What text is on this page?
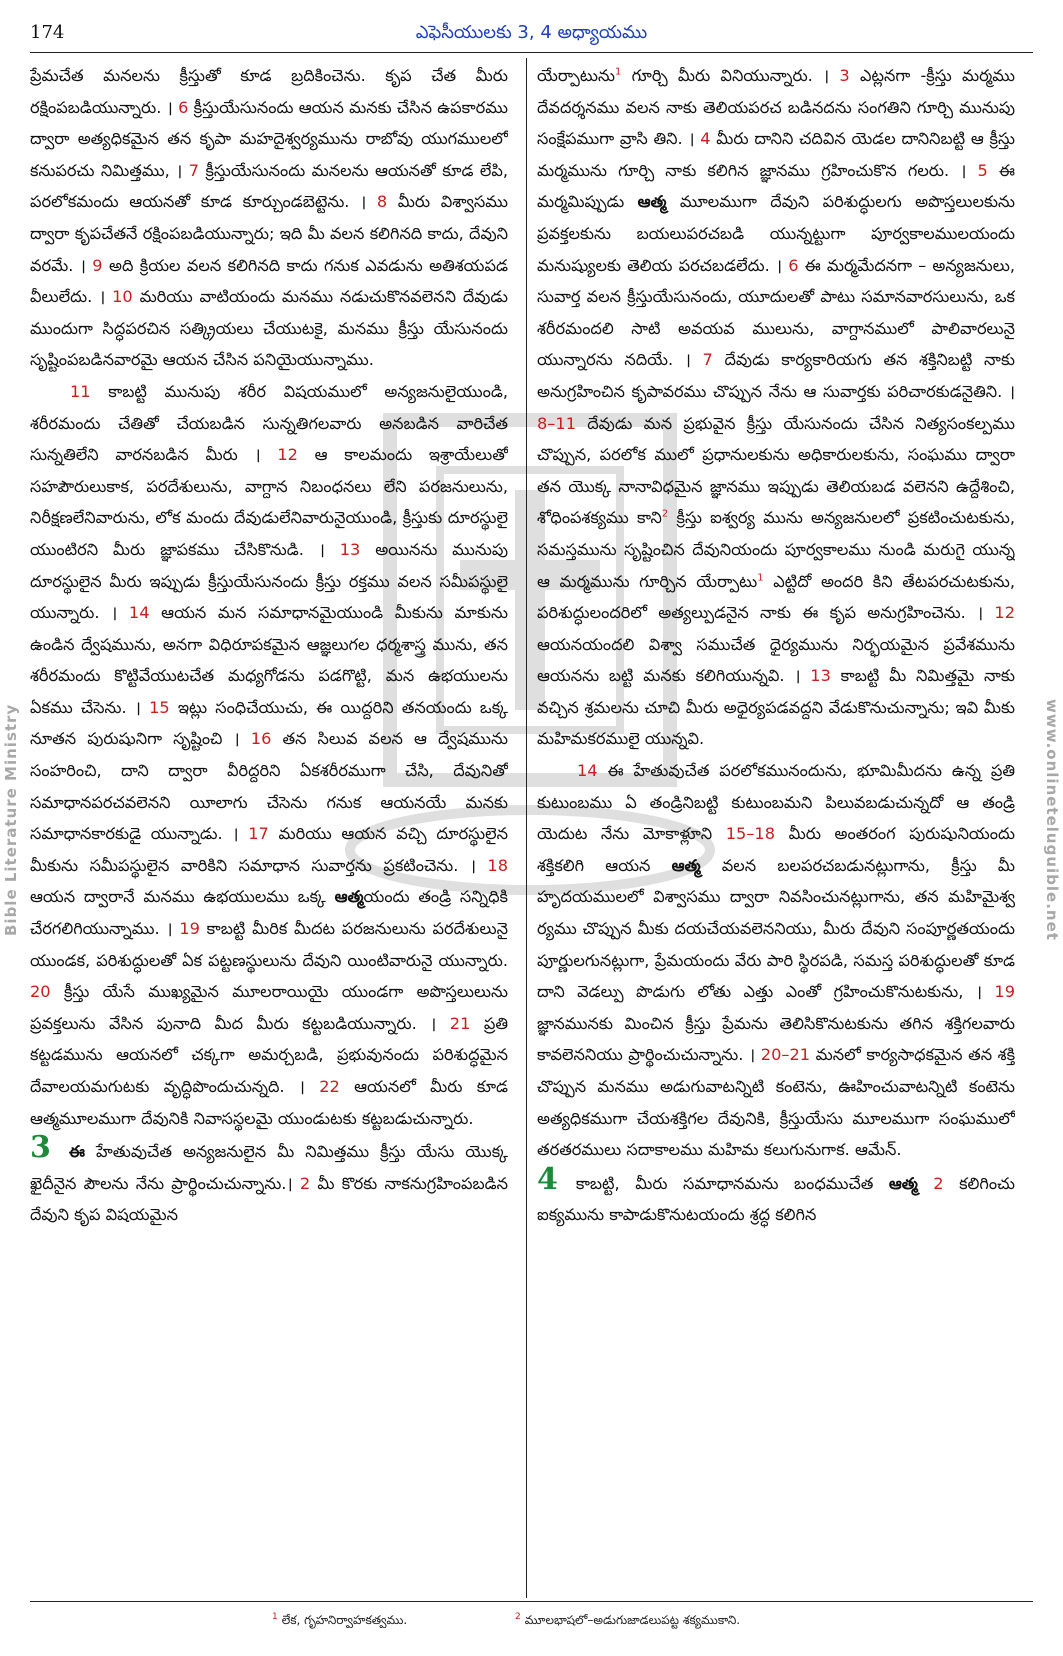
174	ఎఫెసీయులకు 3, 4 అధ్యాయము
Bible Literature Ministry	www.onlineteluguible.net

ప్రేమచేత మనలను క్రీస్తుతో కూడ బ్రదికించెను. కృప చేత మీరు రక్షింపబడియున్నారు. । 6 క్రీస్తుయేసునందు ఆయన మనకు చేసిన ఉపకారము ద్వారా అత్యధికమైన తన కృపా మహదైశ్వర్యమును రాబోవు యుగములలో కనుపరచు నిమిత్తము, । 7 క్రీస్తుయేసునందు మనలను ఆయనతో కూడ లేపి, పరలోకమందు ఆయనతో కూడ కూర్చుండబెట్టెను. । 8 మీరు విశ్వాసము ద్వారా కృపచేతనే రక్షింపబడియున్నారు; ఇది మీ వలన కలిగినది కాదు, దేవుని వరమే. । 9 అది క్రియల వలన కలిగినది కాదు గనుక ఎవడును అతిశయపడ వీలులేదు. । 10 మరియు వాటియందు మనము నడుచుకొనవలెనని దేవుడు ముందుగా సిద్ధపరచిన సత్క్రియలు చేయుటకై, మనము క్రీస్తు యేసునందు సృష్టింపబడినవారమై ఆయన చేసిన పనియైయున్నాము.

11 కాబట్టి మునుపు శరీర విషయములో అన్యజనులైయుండి, శరీరమందు చేతితో చేయబడిన సున్నతిగలవారు అనబడిన వారిచేత సున్నతిలేని వారనబడిన మీరు । 12 ఆ కాలమందు ఇశ్రాయేలుతో సహపౌరులుకాక, పరదేశులును, వాగ్దాన నిబంధనలు లేని పరజనులును, నిరీక్షణలేనివారును, లోక మందు దేవుడులేనివారునైయుండి, క్రీస్తుకు దూరస్థులై యుంటిరని మీరు జ్ఞాపకము చేసికొనుడి. । 13 అయినను మునుపు దూరస్థులైన మీరు ఇప్పుడు క్రీస్తుయేసునందు క్రీస్తు రక్తము వలన సమీపస్థులై యున్నారు. । 14 ఆయన మన సమాధానమైయుండి మీకును మాకును ఉండిన ద్వేషమును, అనగా విధిరూపకమైన ఆజ్ఞలుగల ధర్మశాస్త్ర మును, తన శరీరమందు కొట్టివేయుటచేత మధ్యగోడను పడగొట్టి, మన ఉభయులను ఏకము చేసెను. । 15 ఇట్లు సంధిచేయుచు, ఈ యిద్దరిని తనయందు ఒక్క నూతన పురుషునిగా సృష్టించి । 16 తన సిలువ వలన ఆ ద్వేషమును సంహరించి, దాని ద్వారా వీరిద్దరిని ఏకశరీరముగా చేసి, దేవునితో సమాధానపరచవలెనని యీలాగు చేసెను గనుక ఆయనయే మనకు సమాధానకారకుడై యున్నాడు. । 17 మరియు ఆయన వచ్చి దూరస్థులైన మీకును సమీపస్థులైన వారికిని సమాధాన సువార్తను ప్రకటించెను. । 18 ఆయన ద్వారానే మనము ఉభయులము ఒక్క ఆత్మయందు తండ్రి సన్నిధికి చేరగలిగియున్నాము. । 19 కాబట్టి మీరిక మీదట పరజనులును పరదేశులునై యుండక, పరిశుద్ధులతో ఏక పట్టణస్థులును దేవుని యింటివారునై యున్నారు. 20 క్రీస్తు యేసే ముఖ్యమైన మూలరాయియై యుండగా అపొస్తలులును ప్రవక్తలును వేసిన పునాది మీద మీరు కట్టబడియున్నారు. । 21 ప్రతి కట్టడమును ఆయనలో చక్కగా అమర్చబడి, ప్రభువునందు పరిశుద్ధమైన దేవాలయమగుటకు వృద్ధిపొందుచున్నది. । 22 ఆయనలో మీరు కూడ ఆత్మమూలముగా దేవునికి నివాసస్థలమై యుండుటకు కట్టబడుచున్నారు.

3 ఈ హేతువుచేత అన్యజనులైన మీ నిమిత్తము క్రీస్తు యేసు యొక్క ఖైదీనైన పౌలను నేను ప్రార్థించుచున్నాను.। 2 మీ కొరకు నాకనుగ్రహింపబడిన దేవుని కృప విషయమైన

యేర్పాటును$^1$ గూర్చి మీరు వినియున్నారు. । 3 ఎట్లనగా -క్రీస్తు మర్మము దేవదర్శనము వలన నాకు తెలియపరచ బడినదను సంగతిని గూర్చి మునుపు సంక్షేపముగా వ్రాసి తిని. । 4 మీరు దానిని చదివిన యెడల దానినిబట్టి ఆ క్రీస్తు మర్మమును గూర్చి నాకు కలిగిన జ్ఞానము గ్రహించుకొన గలరు. । 5 ఈ మర్మమిప్పుడు ఆత్మ మూలముగా దేవుని పరిశుద్ధులగు అపొస్తలులకును ప్రవక్తలకును బయలుపరచబడి యున్నట్టుగా పూర్వకాలములయందు మనుష్యులకు తెలియ పరచబడలేదు. । 6 ఈ మర్మమేదనగా – అన్యజనులు, సువార్త వలన క్రీస్తుయేసునందు, యూదులతో పాటు సమానవారసులును, ఒక శరీరమందలి సాటి అవయవ ములును, వాగ్దానములో పాలివారలునై యున్నారను నదియే. । 7 దేవుడు కార్యకారియగు తన శక్తినిబట్టి నాకు అనుగ్రహించిన కృపావరము చొప్పున నేను ఆ సువార్తకు పరిచారకుడనైతిని. । 8–11 దేవుడు మన ప్రభువైన క్రీస్తు యేసునందు చేసిన నిత్యసంకల్పము చొప్పున, పరలోక ములో ప్రధానులకును అధికారులకును, సంఘము ద్వారా తన యొక్క నానావిధమైన జ్ఞానము ఇప్పుడు తెలియబడ వలెనని ఉద్దేశించి, శోధింపశక్యము కాని$^2$ క్రీస్తు ఐశ్వర్య మును అన్యజనులలో ప్రకటించుటకును, సమస్తమును సృష్టించిన దేవునియందు పూర్వకాలము నుండి మరుగై యున్న ఆ మర్మమును గూర్చిన యేర్పాటు$^1$ ఎట్టిదో అందరి కిని తేటపరచుటకును, పరిశుద్ధులందరిలో అత్యల్పుడనైన నాకు ఈ కృప అనుగ్రహించెను. । 12 ఆయనయందలి విశ్వా సముచేత ధైర్యమును నిర్భయమైన ప్రవేశమును ఆయనను బట్టి మనకు కలిగియున్నవి. । 13 కాబట్టి మీ నిమిత్తమై నాకు వచ్చిన శ్రమలను చూచి మీరు అధైర్యపడవద్దని వేడుకొనుచున్నాను; ఇవి మీకు మహిమకరములై యున్నవి.

14 ఈ హేతువుచేత పరలోకమునందును, భూమిమీదను ఉన్న ప్రతి కుటుంబము ఏ తండ్రినిబట్టి కుటుంబమని పిలువబడుచున్నదో ఆ తండ్రి యెదుట నేను మోకాళ్లూని 15–18 మీరు అంతరంగ పురుషునియందు శక్తికలిగి ఆయన ఆత్మ వలన బలపరచబడునట్లుగాను, క్రీస్తు మీ హృదయములలో విశ్వాసము ద్వారా నివసించునట్లుగాను, తన మహిమైశ్వ ర్యము చొప్పున మీకు దయచేయవలెననియు, మీరు దేవుని సంపూర్ణతయందు పూర్ణులగునట్లుగా, ప్రేమయందు వేరు పారి స్థిరపడి, సమస్త పరిశుద్ధులతో కూడ దాని వెడల్పు పొడుగు లోతు ఎత్తు ఎంతో గ్రహించుకొనుటకును, । 19 జ్ఞానమునకు మించిన క్రీస్తు ప్రేమను తెలిసికొనుటకును తగిన శక్తిగలవారు కావలెననియు ప్రార్థించుచున్నాను. । 20–21 మనలో కార్యసాధకమైన తన శక్తి చొప్పున మనము అడుగువాటన్నిటి కంటెను, ఊహించువాటన్నిటి కంటెను అత్యధికముగా చేయశక్తిగల దేవునికి, క్రీస్తుయేసు మూలముగా సంఘములో తరతరములు సదాకాలము మహిమ కలుగునుగాక. ఆమేన్.

4 కాబట్టి, మీరు సమాధానమను బంధముచేత ఆత్మ 2 కలిగించు ఐక్యమును కాపాడుకొనుటయందు శ్రద్ధ కలిగిన

$^1$ లేక, గృహనిర్వాహకత్వము.	$^2$ మూలభాషలో–అడుగుజాడలుపట్ట శక్యముకాని.
